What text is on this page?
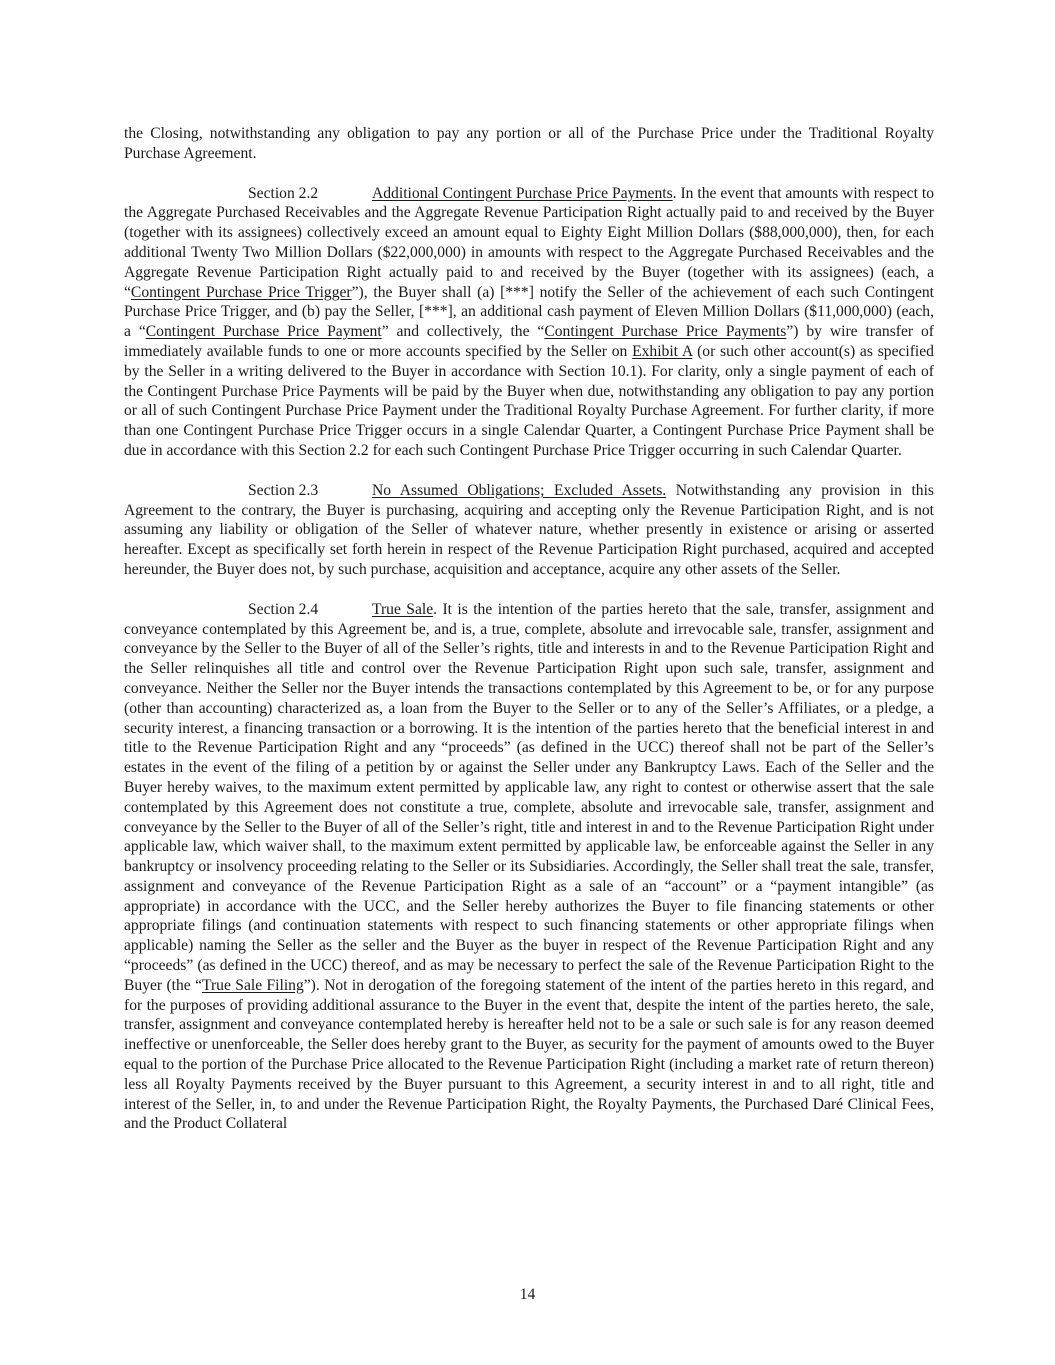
the Closing, notwithstanding any obligation to pay any portion or all of the Purchase Price under the Traditional Royalty Purchase Agreement.

Section 2.2	Additional Contingent Purchase Price Payments. In the event that amounts with respect to the Aggregate Purchased Receivables and the Aggregate Revenue Participation Right actually paid to and received by the Buyer (together with its assignees) collectively exceed an amount equal to Eighty Eight Million Dollars ($88,000,000), then, for each additional Twenty Two Million Dollars ($22,000,000) in amounts with respect to the Aggregate Purchased Receivables and the Aggregate Revenue Participation Right actually paid to and received by the Buyer (together with its assignees) (each, a “Contingent Purchase Price Trigger”), the Buyer shall (a) [***] notify the Seller of the achievement of each such Contingent Purchase Price Trigger, and (b) pay the Seller, [***], an additional cash payment of Eleven Million Dollars ($11,000,000) (each, a “Contingent Purchase Price Payment” and collectively, the “Contingent Purchase Price Payments”) by wire transfer of immediately available funds to one or more accounts specified by the Seller on Exhibit A (or such other account(s) as specified by the Seller in a writing delivered to the Buyer in accordance with Section 10.1). For clarity, only a single payment of each of the Contingent Purchase Price Payments will be paid by the Buyer when due, notwithstanding any obligation to pay any portion or all of such Contingent Purchase Price Payment under the Traditional Royalty Purchase Agreement. For further clarity, if more than one Contingent Purchase Price Trigger occurs in a single Calendar Quarter, a Contingent Purchase Price Payment shall be due in accordance with this Section 2.2 for each such Contingent Purchase Price Trigger occurring in such Calendar Quarter.

Section 2.3	No Assumed Obligations; Excluded Assets. Notwithstanding any provision in this Agreement to the contrary, the Buyer is purchasing, acquiring and accepting only the Revenue Participation Right, and is not assuming any liability or obligation of the Seller of whatever nature, whether presently in existence or arising or asserted hereafter. Except as specifically set forth herein in respect of the Revenue Participation Right purchased, acquired and accepted hereunder, the Buyer does not, by such purchase, acquisition and acceptance, acquire any other assets of the Seller.

Section 2.4	True Sale. It is the intention of the parties hereto that the sale, transfer, assignment and conveyance contemplated by this Agreement be, and is, a true, complete, absolute and irrevocable sale, transfer, assignment and conveyance by the Seller to the Buyer of all of the Seller’s rights, title and interests in and to the Revenue Participation Right and the Seller relinquishes all title and control over the Revenue Participation Right upon such sale, transfer, assignment and conveyance. Neither the Seller nor the Buyer intends the transactions contemplated by this Agreement to be, or for any purpose (other than accounting) characterized as, a loan from the Buyer to the Seller or to any of the Seller’s Affiliates, or a pledge, a security interest, a financing transaction or a borrowing. It is the intention of the parties hereto that the beneficial interest in and title to the Revenue Participation Right and any “proceeds” (as defined in the UCC) thereof shall not be part of the Seller’s estates in the event of the filing of a petition by or against the Seller under any Bankruptcy Laws. Each of the Seller and the Buyer hereby waives, to the maximum extent permitted by applicable law, any right to contest or otherwise assert that the sale contemplated by this Agreement does not constitute a true, complete, absolute and irrevocable sale, transfer, assignment and conveyance by the Seller to the Buyer of all of the Seller’s right, title and interest in and to the Revenue Participation Right under applicable law, which waiver shall, to the maximum extent permitted by applicable law, be enforceable against the Seller in any bankruptcy or insolvency proceeding relating to the Seller or its Subsidiaries. Accordingly, the Seller shall treat the sale, transfer, assignment and conveyance of the Revenue Participation Right as a sale of an “account” or a “payment intangible” (as appropriate) in accordance with the UCC, and the Seller hereby authorizes the Buyer to file financing statements or other appropriate filings (and continuation statements with respect to such financing statements or other appropriate filings when applicable) naming the Seller as the seller and the Buyer as the buyer in respect of the Revenue Participation Right and any “proceeds” (as defined in the UCC) thereof, and as may be necessary to perfect the sale of the Revenue Participation Right to the Buyer (the “True Sale Filing”). Not in derogation of the foregoing statement of the intent of the parties hereto in this regard, and for the purposes of providing additional assurance to the Buyer in the event that, despite the intent of the parties hereto, the sale, transfer, assignment and conveyance contemplated hereby is hereafter held not to be a sale or such sale is for any reason deemed ineffective or unenforceable, the Seller does hereby grant to the Buyer, as security for the payment of amounts owed to the Buyer equal to the portion of the Purchase Price allocated to the Revenue Participation Right (including a market rate of return thereon) less all Royalty Payments received by the Buyer pursuant to this Agreement, a security interest in and to all right, title and interest of the Seller, in, to and under the Revenue Participation Right, the Royalty Payments, the Purchased Daré Clinical Fees, and the Product Collateral

14
